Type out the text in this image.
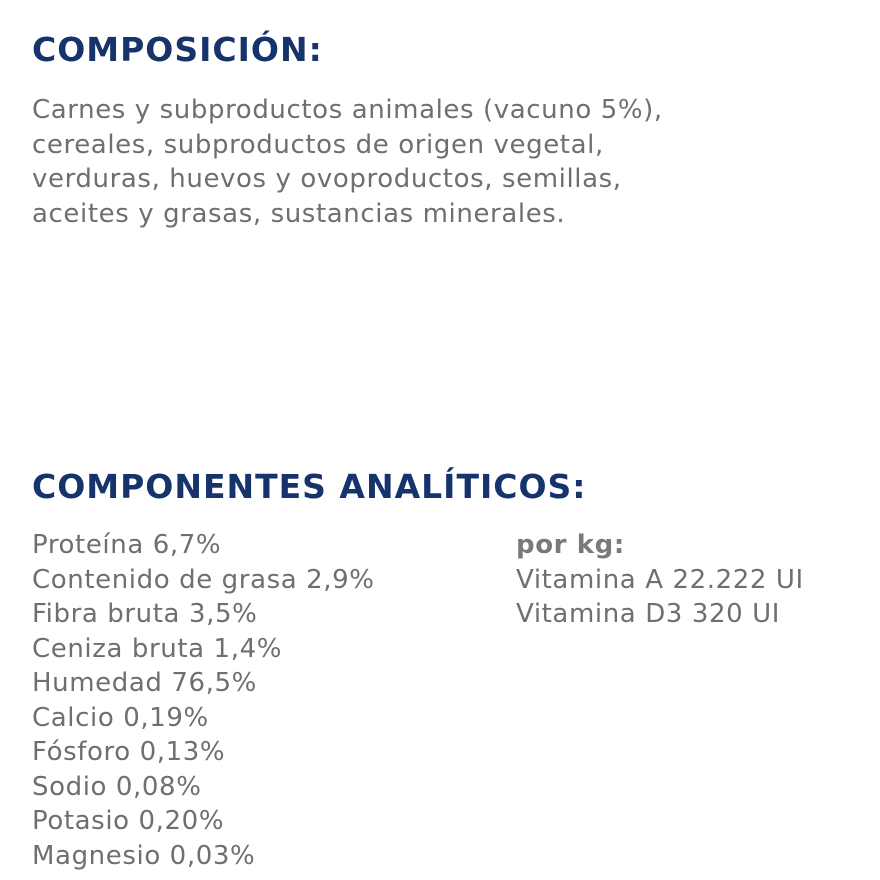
COMPOSICIÓN:
Carnes y subproductos animales (vacuno 5%),
cereales, subproductos de origen vegetal,
verduras, huevos y ovoproductos, semillas,
aceites y grasas, sustancias minerales.
COMPONENTES ANALÍTICOS:
Proteína 6,7%
Contenido de grasa 2,9%
Fibra bruta 3,5%
Ceniza bruta 1,4%
Humedad 76,5%
Calcio 0,19%
Fósforo 0,13%
Sodio 0,08%
Potasio 0,20%
Magnesio 0,03%
por kg:
Vitamina A 22.222 UI
Vitamina D3 320 UI
